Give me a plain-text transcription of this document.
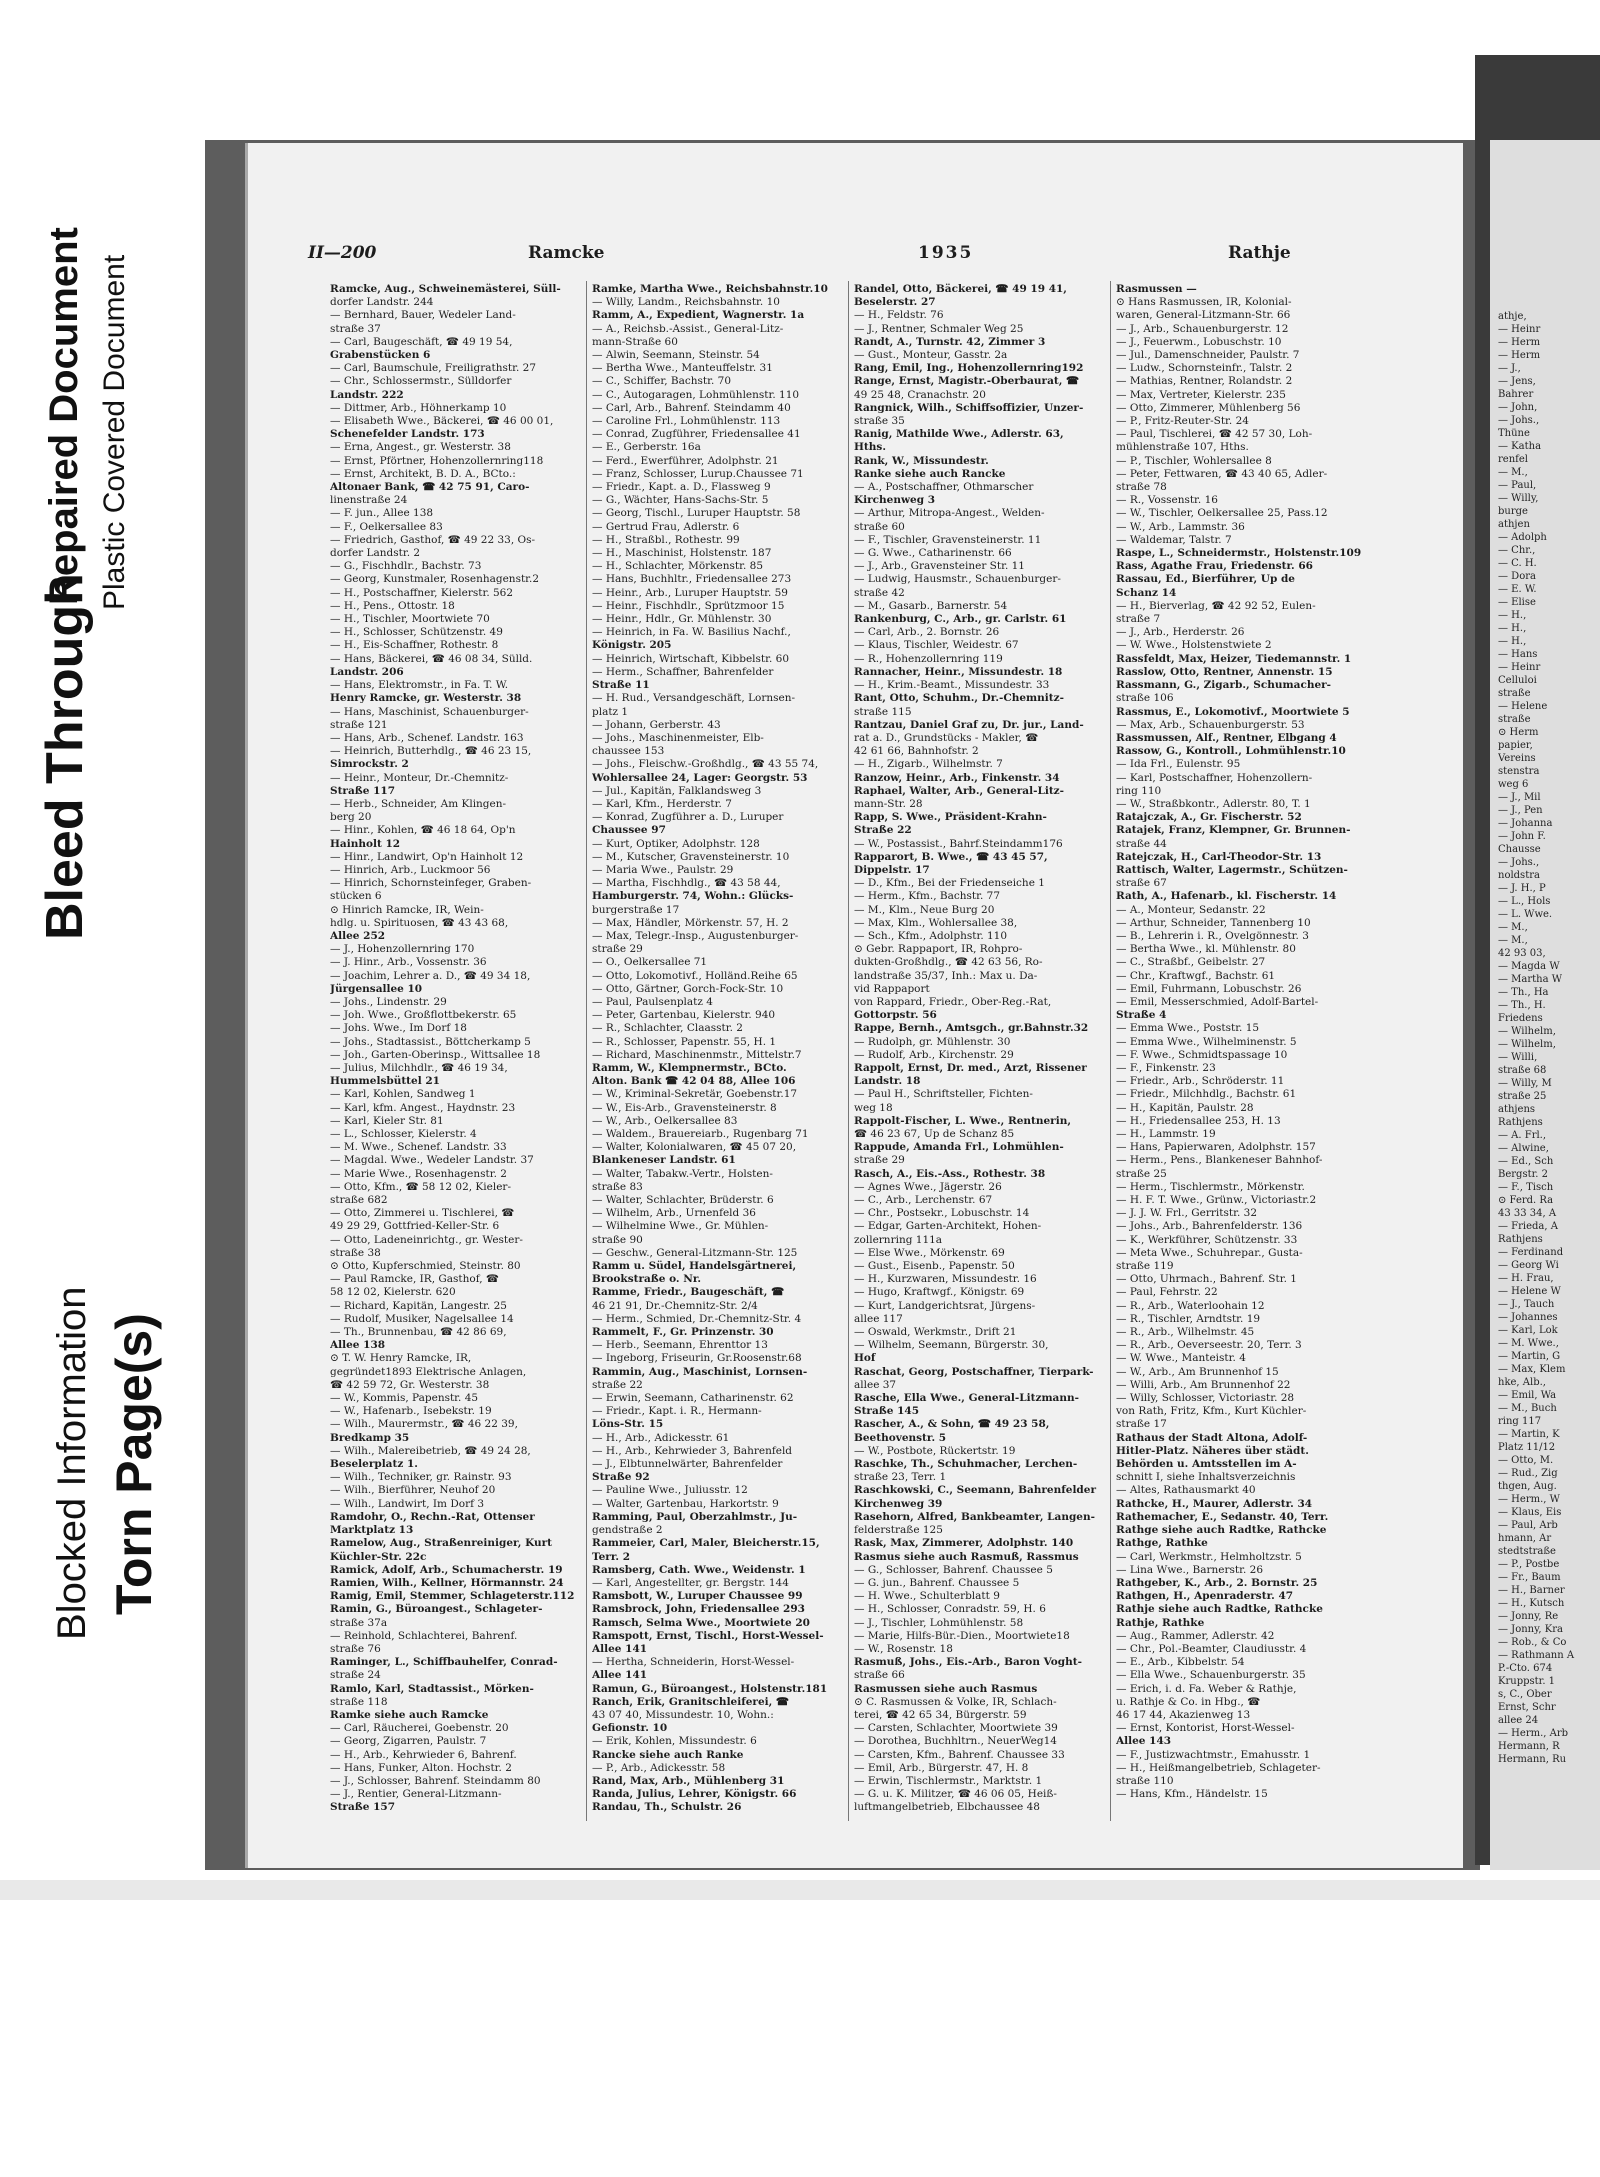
Bleed Through
Repaired Document Plastic Covered Document
Blocked Information Torn Page(s)
athje,
— Heinr
— Herm
— Herm
— J.,
— Jens,
Bahrer
— John,
— Johs.,
Thüne
— Katha
renfel
— M.,
— Paul,
— Willy,
burge
athjen
— Adolph
— Chr.,
— C. H.
— Dora
— E. W.
— Elise
— H.,
— H.,
— H.,
— Hans
— Heinr
Celluloi
straße
— Helene
straße
⊙ Herm
papier,
Vereins
stenstra
weg 6
— J., Mil
— J., Pen
— Johanna
— John F.
Chausse
— Johs.,
noldstra
— J. H., P
— L., Hols
— L. Wwe.
— M.,
— M.,
42 93 03,
— Magda W
— Martha W
— Th., Ha
— Th., H.
Friedens
— Wilhelm,
— Wilhelm,
— Willi,
straße 68
— Willy, M
straße 25
athjens
Rathjens
— A. Frl.,
— Alwine,
— Ed., Sch
Bergstr. 2
— F., Tisch
⊙ Ferd. Ra
43 33 34, A
— Frieda, A
Rathjens
— Ferdinand
— Georg Wi
— H. Frau,
— Helene W
— J., Tauch
— Johannes
— Karl, Lok
— M. Wwe.,
— Martin, G
— Max, Klem
hke, Alb.,
— Emil, Wa
— M., Buch
ring 117
— Martin, K
Platz 11/12
— Otto, M.
— Rud., Zig
thgen, Aug.
— Herm., W
— Klaus, Eis
— Paul, Arb
hmann, Ar
stedtstraße
— P., Postbe
— Fr., Baum
— H., Barner
— H., Kutsch
— Jonny, Re
— Jonny, Kra
— Rob., & Co
— Rathmann A
P.-Cto. 674
Kruppstr. 1
s, C., Ober
Ernst, Schr
allee 24
— Herm., Arb
Hermann, R
Hermann, Ru
II—200	Ramcke	1935	Rathje
Ramcke, Aug., Schweinemästerei, Süll-
dorfer Landstr. 244
— Bernhard, Bauer, Wedeler Land-
straße 37
— Carl, Baugeschäft, ☎ 49 19 54,
Grabenstücken 6
— Carl, Baumschule, Freiligrathstr. 27
— Chr., Schlossermstr., Sülldorfer
Landstr. 222
— Dittmer, Arb., Höhnerkamp 10
— Elisabeth Wwe., Bäckerei, ☎ 46 00 01,
Schenefelder Landstr. 173
— Erna, Angest., gr. Westerstr. 38
— Ernst, Pförtner, Hohenzollernring118
— Ernst, Architekt, B. D. A., BCto.:
Altonaer Bank, ☎ 42 75 91, Caro-
linenstraße 24
— F. jun., Allee 138
— F., Oelkersallee 83
— Friedrich, Gasthof, ☎ 49 22 33, Os-
dorfer Landstr. 2
— G., Fischhdlr., Bachstr. 73
— Georg, Kunstmaler, Rosenhagenstr.2
— H., Postschaffner, Kielerstr. 562
— H., Pens., Ottostr. 18
— H., Tischler, Moortwiete 70
— H., Schlosser, Schützenstr. 49
— H., Eis-Schaffner, Rothestr. 8
— Hans, Bäckerei, ☎ 46 08 34, Sülld.
Landstr. 206
— Hans, Elektromstr., in Fa. T. W.
Henry Ramcke, gr. Westerstr. 38
— Hans, Maschinist, Schauenburger-
straße 121
— Hans, Arb., Schenef. Landstr. 163
— Heinrich, Butterhdlg., ☎ 46 23 15,
Simrockstr. 2
— Heinr., Monteur, Dr.-Chemnitz-
Straße 117
— Herb., Schneider, Am Klingen-
berg 20
— Hinr., Kohlen, ☎ 46 18 64, Op'n
Hainholt 12
— Hinr., Landwirt, Op'n Hainholt 12
— Hinrich, Arb., Luckmoor 56
— Hinrich, Schornsteinfeger, Graben-
stücken 6
⊙ Hinrich Ramcke, IR, Wein-
hdlg. u. Spirituosen, ☎ 43 43 68,
Allee 252
— J., Hohenzollernring 170
— J. Hinr., Arb., Vossenstr. 36
— Joachim, Lehrer a. D., ☎ 49 34 18,
Jürgensallee 10
— Johs., Lindenstr. 29
— Joh. Wwe., Großflottbekerstr. 65
— Johs. Wwe., Im Dorf 18
— Johs., Stadtassist., Böttcherkamp 5
— Joh., Garten-Oberinsp., Wittsallee 18
— Julius, Milchhdlr., ☎ 46 19 34,
Hummelsbüttel 21
— Karl, Kohlen, Sandweg 1
— Karl, kfm. Angest., Haydnstr. 23
— Karl, Kieler Str. 81
— L., Schlosser, Kielerstr. 4
— M. Wwe., Schenef. Landstr. 33
— Magdal. Wwe., Wedeler Landstr. 37
— Marie Wwe., Rosenhagenstr. 2
— Otto, Kfm., ☎ 58 12 02, Kieler-
straße 682
— Otto, Zimmerei u. Tischlerei, ☎
49 29 29, Gottfried-Keller-Str. 6
— Otto, Ladeneinrichtg., gr. Wester-
straße 38
⊙ Otto, Kupferschmied, Steinstr. 80
— Paul Ramcke, IR, Gasthof, ☎
58 12 02, Kielerstr. 620
— Richard, Kapitän, Langestr. 25
— Rudolf, Musiker, Nagelsallee 14
— Th., Brunnenbau, ☎ 42 86 69,
Allee 138
⊙ T. W. Henry Ramcke, IR,
gegründet1893 Elektrische Anlagen,
☎ 42 59 72, Gr. Westerstr. 38
— W., Kommis, Papenstr. 45
— W., Hafenarb., Isebekstr. 19
— Wilh., Maurermstr., ☎ 46 22 39,
Bredkamp 35
— Wilh., Malereibetrieb, ☎ 49 24 28,
Beselerplatz 1.
— Wilh., Techniker, gr. Rainstr. 93
— Wilh., Bierführer, Neuhof 20
— Wilh., Landwirt, Im Dorf 3
Ramdohr, O., Rechn.-Rat, Ottenser
Marktplatz 13
Ramelow, Aug., Straßenreiniger, Kurt
Küchler-Str. 22c
Ramick, Adolf, Arb., Schumacherstr. 19
Ramien, Wilh., Kellner, Hörmannstr. 24
Ramig, Emil, Stemmer, Schlageterstr.112
Ramin, G., Büroangest., Schlageter-
straße 37a
— Reinhold, Schlachterei, Bahrenf.
straße 76
Raminger, L., Schiffbauhelfer, Conrad-
straße 24
Ramlo, Karl, Stadtassist., Mörken-
straße 118
Ramke siehe auch Ramcke
— Carl, Räucherei, Goebenstr. 20
— Georg, Zigarren, Paulstr. 7
— H., Arb., Kehrwieder 6, Bahrenf.
— Hans, Funker, Alton. Hochstr. 2
— J., Schlosser, Bahrenf. Steindamm 80
— J., Rentier, General-Litzmann-
Straße 157
Ramke, Martha Wwe., Reichsbahnstr.10
— Willy, Landm., Reichsbahnstr. 10
Ramm, A., Expedient, Wagnerstr. 1a
— A., Reichsb.-Assist., General-Litz-
mann-Straße 60
— Alwin, Seemann, Steinstr. 54
— Bertha Wwe., Manteuffelstr. 31
— C., Schiffer, Bachstr. 70
— C., Autogaragen, Lohmühlenstr. 110
— Carl, Arb., Bahrenf. Steindamm 40
— Caroline Frl., Lohmühlenstr. 113
— Conrad, Zugführer, Friedensallee 41
— E., Gerberstr. 16a
— Ferd., Ewerführer, Adolphstr. 21
— Franz, Schlosser, Lurup.Chaussee 71
— Friedr., Kapt. a. D., Flassweg 9
— G., Wächter, Hans-Sachs-Str. 5
— Georg, Tischl., Luruper Hauptstr. 58
— Gertrud Frau, Adlerstr. 6
— H., Straßbl., Rothestr. 99
— H., Maschinist, Holstenstr. 187
— H., Schlachter, Mörkenstr. 85
— Hans, Buchhltr., Friedensallee 273
— Heinr., Arb., Luruper Hauptstr. 59
— Heinr., Fischhdlr., Sprützmoor 15
— Heinr., Hdlr., Gr. Mühlenstr. 30
— Heinrich, in Fa. W. Basilius Nachf.,
Königstr. 205
— Heinrich, Wirtschaft, Kibbelstr. 60
— Herm., Schaffner, Bahrenfelder
Straße 11
— H. Rud., Versandgeschäft, Lornsen-
platz 1
— Johann, Gerberstr. 43
— Johs., Maschinenmeister, Elb-
chaussee 153
— Johs., Fleischw.-Großhdlg., ☎ 43 55 74,
Wohlersallee 24, Lager: Georgstr. 53
— Jul., Kapitän, Falklandsweg 3
— Karl, Kfm., Herderstr. 7
— Konrad, Zugführer a. D., Luruper
Chaussee 97
— Kurt, Optiker, Adolphstr. 128
— M., Kutscher, Gravensteinerstr. 10
— Maria Wwe., Paulstr. 29
— Martha, Fischhdlg., ☎ 43 58 44,
Hamburgerstr. 74, Wohn.: Glücks-
burgerstraße 17
— Max, Händler, Mörkenstr. 57, H. 2
— Max, Telegr.-Insp., Augustenburger-
straße 29
— O., Oelkersallee 71
— Otto, Lokomotivf., Holländ.Reihe 65
— Otto, Gärtner, Gorch-Fock-Str. 10
— Paul, Paulsenplatz 4
— Peter, Gartenbau, Kielerstr. 940
— R., Schlachter, Claasstr. 2
— R., Schlosser, Papenstr. 55, H. 1
— Richard, Maschinenmstr., Mittelstr.7
Ramm, W., Klempnermstr., BCto.
Alton. Bank ☎ 42 04 88, Allee 106
— W., Kriminal-Sekretär, Goebenstr.17
— W., Eis-Arb., Gravensteinerstr. 8
— W., Arb., Oelkersallee 83
— Waldem., Brauereiarb., Rugenbarg 71
— Walter, Kolonialwaren, ☎ 45 07 20,
Blankeneser Landstr. 61
— Walter, Tabakw.-Vertr., Holsten-
straße 83
— Walter, Schlachter, Brüderstr. 6
— Wilhelm, Arb., Urnenfeld 36
— Wilhelmine Wwe., Gr. Mühlen-
straße 90
— Geschw., General-Litzmann-Str. 125
Ramm u. Südel, Handelsgärtnerei,
Brookstraße o. Nr.
Ramme, Friedr., Baugeschäft, ☎
46 21 91, Dr.-Chemnitz-Str. 2/4
— Herm., Schmied, Dr.-Chemnitz-Str. 4
Rammelt, F., Gr. Prinzenstr. 30
— Herb., Seemann, Ehrenttor 13
— Ingeborg, Friseurin, Gr.Roosenstr.68
Rammin, Aug., Maschinist, Lornsen-
straße 22
— Erwin, Seemann, Catharinenstr. 62
— Friedr., Kapt. i. R., Hermann-
Löns-Str. 15
— H., Arb., Adickesstr. 61
— H., Arb., Kehrwieder 3, Bahrenfeld
— J., Elbtunnelwärter, Bahrenfelder
Straße 92
— Pauline Wwe., Juliusstr. 12
— Walter, Gartenbau, Harkortstr. 9
Ramming, Paul, Oberzahlmstr., Ju-
gendstraße 2
Rammeier, Carl, Maler, Bleicherstr.15,
Terr. 2
Ramsberg, Cath. Wwe., Weidenstr. 1
— Karl, Angestellter, gr. Bergstr. 144
Ramsbott, W., Luruper Chaussee 99
Ramsbrock, John, Friedensallee 293
Ramsch, Selma Wwe., Moortwiete 20
Ramspott, Ernst, Tischl., Horst-Wessel-
Allee 141
— Hertha, Schneiderin, Horst-Wessel-
Allee 141
Ramun, G., Büroangest., Holstenstr.181
Ranch, Erik, Granitschleiferei, ☎
43 07 40, Missundestr. 10, Wohn.:
Gefionstr. 10
— Erik, Kohlen, Missundestr. 6
Rancke siehe auch Ranke
— P., Arb., Adickesstr. 58
Rand, Max, Arb., Mühlenberg 31
Randa, Julius, Lehrer, Königstr. 66
Randau, Th., Schulstr. 26
Randel, Otto, Bäckerei, ☎ 49 19 41,
Beselerstr. 27
— H., Feldstr. 76
— J., Rentner, Schmaler Weg 25
Randt, A., Turnstr. 42, Zimmer 3
— Gust., Monteur, Gasstr. 2a
Rang, Emil, Ing., Hohenzollernring192
Range, Ernst, Magistr.-Oberbaurat, ☎
49 25 48, Cranachstr. 20
Rangnick, Wilh., Schiffsoffizier, Unzer-
straße 35
Ranig, Mathilde Wwe., Adlerstr. 63,
Hths.
Rank, W., Missundestr.
Ranke siehe auch Rancke
— A., Postschaffner, Othmarscher
Kirchenweg 3
— Arthur, Mitropa-Angest., Welden-
straße 60
— F., Tischler, Gravensteinerstr. 11
— G. Wwe., Catharinenstr. 66
— J., Arb., Gravensteiner Str. 11
— Ludwig, Hausmstr., Schauenburger-
straße 42
— M., Gasarb., Barnerstr. 54
Rankenburg, C., Arb., gr. Carlstr. 61
— Carl, Arb., 2. Bornstr. 26
— Klaus, Tischler, Weidestr. 67
— R., Hohenzollernring 119
Rannacher, Heinr., Missundestr. 18
— H., Krim.-Beamt., Missundestr. 33
Rant, Otto, Schuhm., Dr.-Chemnitz-
straße 115
Rantzau, Daniel Graf zu, Dr. jur., Land-
rat a. D., Grundstücks - Makler, ☎
42 61 66, Bahnhofstr. 2
— H., Zigarb., Wilhelmstr. 7
Ranzow, Heinr., Arb., Finkenstr. 34
Raphael, Walter, Arb., General-Litz-
mann-Str. 28
Rapp, S. Wwe., Präsident-Krahn-
Straße 22
— W., Postassist., Bahrf.Steindamm176
Rapparort, B. Wwe., ☎ 43 45 57,
Dippelstr. 17
— D., Kfm., Bei der Friedenseiche 1
— Herm., Kfm., Bachstr. 77
— M., Klm., Neue Burg 20
— Max, Klm., Wohlersallee 38,
— Sch., Kfm., Adolphstr. 110
⊙ Gebr. Rappaport, IR, Rohpro-
dukten-Großhdlg., ☎ 42 63 56, Ro-
landstraße 35/37, Inh.: Max u. Da-
vid Rappaport
von Rappard, Friedr., Ober-Reg.-Rat,
Gottorpstr. 56
Rappe, Bernh., Amtsgch., gr.Bahnstr.32
— Rudolph, gr. Mühlenstr. 30
— Rudolf, Arb., Kirchenstr. 29
Rappolt, Ernst, Dr. med., Arzt, Rissener
Landstr. 18
— Paul H., Schriftsteller, Fichten-
weg 18
Rappolt-Fischer, L. Wwe., Rentnerin,
☎ 46 23 67, Up de Schanz 85
Rappude, Amanda Frl., Lohmühlen-
straße 29
Rasch, A., Eis.-Ass., Rothestr. 38
— Agnes Wwe., Jägerstr. 26
— C., Arb., Lerchenstr. 67
— Chr., Postsekr., Lobuschstr. 14
— Edgar, Garten-Architekt, Hohen-
zollernring 111a
— Else Wwe., Mörkenstr. 69
— Gust., Eisenb., Papenstr. 50
— H., Kurzwaren, Missundestr. 16
— Hugo, Kraftwgf., Königstr. 69
— Kurt, Landgerichtsrat, Jürgens-
allee 117
— Oswald, Werkmstr., Drift 21
— Wilhelm, Seemann, Bürgerstr. 30,
Hof
Raschat, Georg, Postschaffner, Tierpark-
allee 37
Rasche, Ella Wwe., General-Litzmann-
Straße 145
Rascher, A., & Sohn, ☎ 49 23 58,
Beethovenstr. 5
— W., Postbote, Rückertstr. 19
Raschke, Th., Schuhmacher, Lerchen-
straße 23, Terr. 1
Raschkowski, C., Seemann, Bahrenfelder
Kirchenweg 39
Rasehorn, Alfred, Bankbeamter, Langen-
felderstraße 125
Rask, Max, Zimmerer, Adolphstr. 140
Rasmus siehe auch Rasmuß, Rassmus
— G., Schlosser, Bahrenf. Chaussee 5
— G. jun., Bahrenf. Chaussee 5
— H. Wwe., Schulterblatt 9
— H., Schlosser, Conradstr. 59, H. 6
— J., Tischler, Lohmühlenstr. 58
— Marie, Hilfs-Bür.-Dien., Moortwiete18
— W., Rosenstr. 18
Rasmuß, Johs., Eis.-Arb., Baron Voght-
straße 66
Rasmussen siehe auch Rasmus
⊙ C. Rasmussen & Volke, IR, Schlach-
terei, ☎ 42 65 34, Bürgerstr. 59
— Carsten, Schlachter, Moortwiete 39
— Dorothea, Buchhltrn., NeuerWeg14
— Carsten, Kfm., Bahrenf. Chaussee 33
— Emil, Arb., Bürgerstr. 47, H. 8
— Erwin, Tischlermstr., Marktstr. 1
— G. u. K. Militzer, ☎ 46 06 05, Heiß-
luftmangelbetrieb, Elbchaussee 48
Rasmussen —
⊙ Hans Rasmussen, IR, Kolonial-
waren, General-Litzmann-Str. 66
— J., Arb., Schauenburgerstr. 12
— J., Feuerwm., Lobuschstr. 10
— Jul., Damenschneider, Paulstr. 7
— Ludw., Schornsteinfr., Talstr. 2
— Mathias, Rentner, Rolandstr. 2
— Max, Vertreter, Kielerstr. 235
— Otto, Zimmerer, Mühlenberg 56
— P., Fritz-Reuter-Str. 24
— Paul, Tischlerei, ☎ 42 57 30, Loh-
mühlenstraße 107, Hths.
— P., Tischler, Wohlersallee 8
— Peter, Fettwaren, ☎ 43 40 65, Adler-
straße 78
— R., Vossenstr. 16
— W., Tischler, Oelkersallee 25, Pass.12
— W., Arb., Lammstr. 36
— Waldemar, Talstr. 7
Raspe, L., Schneidermstr., Holstenstr.109
Rass, Agathe Frau, Friedenstr. 66
Rassau, Ed., Bierführer, Up de
Schanz 14
— H., Bierverlag, ☎ 42 92 52, Eulen-
straße 7
— J., Arb., Herderstr. 26
— W. Wwe., Holstenstwiete 2
Rassfeldt, Max, Heizer, Tiedemannstr. 1
Rasslow, Otto, Rentner, Annenstr. 15
Rassmann, G., Zigarb., Schumacher-
straße 106
Rassmus, E., Lokomotivf., Moortwiete 5
— Max, Arb., Schauenburgerstr. 53
Rassmussen, Alf., Rentner, Elbgang 4
Rassow, G., Kontroll., Lohmühlenstr.10
— Ida Frl., Eulenstr. 95
— Karl, Postschaffner, Hohenzollern-
ring 110
— W., Straßbkontr., Adlerstr. 80, T. 1
Ratajczak, A., Gr. Fischerstr. 52
Ratajek, Franz, Klempner, Gr. Brunnen-
straße 44
Ratejczak, H., Carl-Theodor-Str. 13
Rattisch, Walter, Lagermstr., Schützen-
straße 67
Rath, A., Hafenarb., kl. Fischerstr. 14
— A., Monteur, Sedanstr. 22
— Arthur, Schneider, Tannenberg 10
— B., Lehrerin i. R., Ovelgönnestr. 3
— Bertha Wwe., kl. Mühlenstr. 80
— C., Straßbf., Geibelstr. 27
— Chr., Kraftwgf., Bachstr. 61
— Emil, Fuhrmann, Lobuschstr. 26
— Emil, Messerschmied, Adolf-Bartel-
Straße 4
— Emma Wwe., Poststr. 15
— Emma Wwe., Wilhelminenstr. 5
— F. Wwe., Schmidtspassage 10
— F., Finkenstr. 23
— Friedr., Arb., Schröderstr. 11
— Friedr., Milchhdlg., Bachstr. 61
— H., Kapitän, Paulstr. 28
— H., Friedensallee 253, H. 13
— H., Lammstr. 19
— Hans, Papierwaren, Adolphstr. 157
— Herm., Pens., Blankeneser Bahnhof-
straße 25
— Herm., Tischlermstr., Mörkenstr.
— H. F. T. Wwe., Grünw., Victoriastr.2
— J. J. W. Frl., Gerritstr. 32
— Johs., Arb., Bahrenfelderstr. 136
— K., Werkführer, Schützenstr. 33
— Meta Wwe., Schuhrepar., Gusta-
straße 119
— Otto, Uhrmach., Bahrenf. Str. 1
— Paul, Fehrstr. 22
— R., Arb., Waterloohain 12
— R., Tischler, Arndtstr. 19
— R., Arb., Wilhelmstr. 45
— R., Arb., Oeverseestr. 20, Terr. 3
— W. Wwe., Manteistr. 4
— W., Arb., Am Brunnenhof 15
— Willi, Arb., Am Brunnenhof 22
— Willy, Schlosser, Victoriastr. 28
von Rath, Fritz, Kfm., Kurt Küchler-
straße 17
Rathaus der Stadt Altona, Adolf-
Hitler-Platz. Näheres über städt.
Behörden u. Amtsstellen im A-
schnitt I, siehe Inhaltsverzeichnis
— Altes, Rathausmarkt 40
Rathcke, H., Maurer, Adlerstr. 34
Rathemacher, E., Sedanstr. 40, Terr.
Rathge siehe auch Radtke, Rathcke
Rathge, Rathke
— Carl, Werkmstr., Helmholtzstr. 5
— Lina Wwe., Barnerstr. 26
Rathgeber, K., Arb., 2. Bornstr. 25
Rathgen, H., Apenraderstr. 47
Rathje siehe auch Radtke, Rathcke
Rathje, Rathke
— Aug., Rammer, Adlerstr. 42
— Chr., Pol.-Beamter, Claudiusstr. 4
— E., Arb., Kibbelstr. 54
— Ella Wwe., Schauenburgerstr. 35
— Erich, i. d. Fa. Weber & Rathje,
u. Rathje & Co. in Hbg., ☎
46 17 44, Akazienweg 13
— Ernst, Kontorist, Horst-Wessel-
Allee 143
— F., Justizwachtmstr., Emahusstr. 1
— H., Heißmangelbetrieb, Schlageter-
straße 110
— Hans, Kfm., Händelstr. 15
